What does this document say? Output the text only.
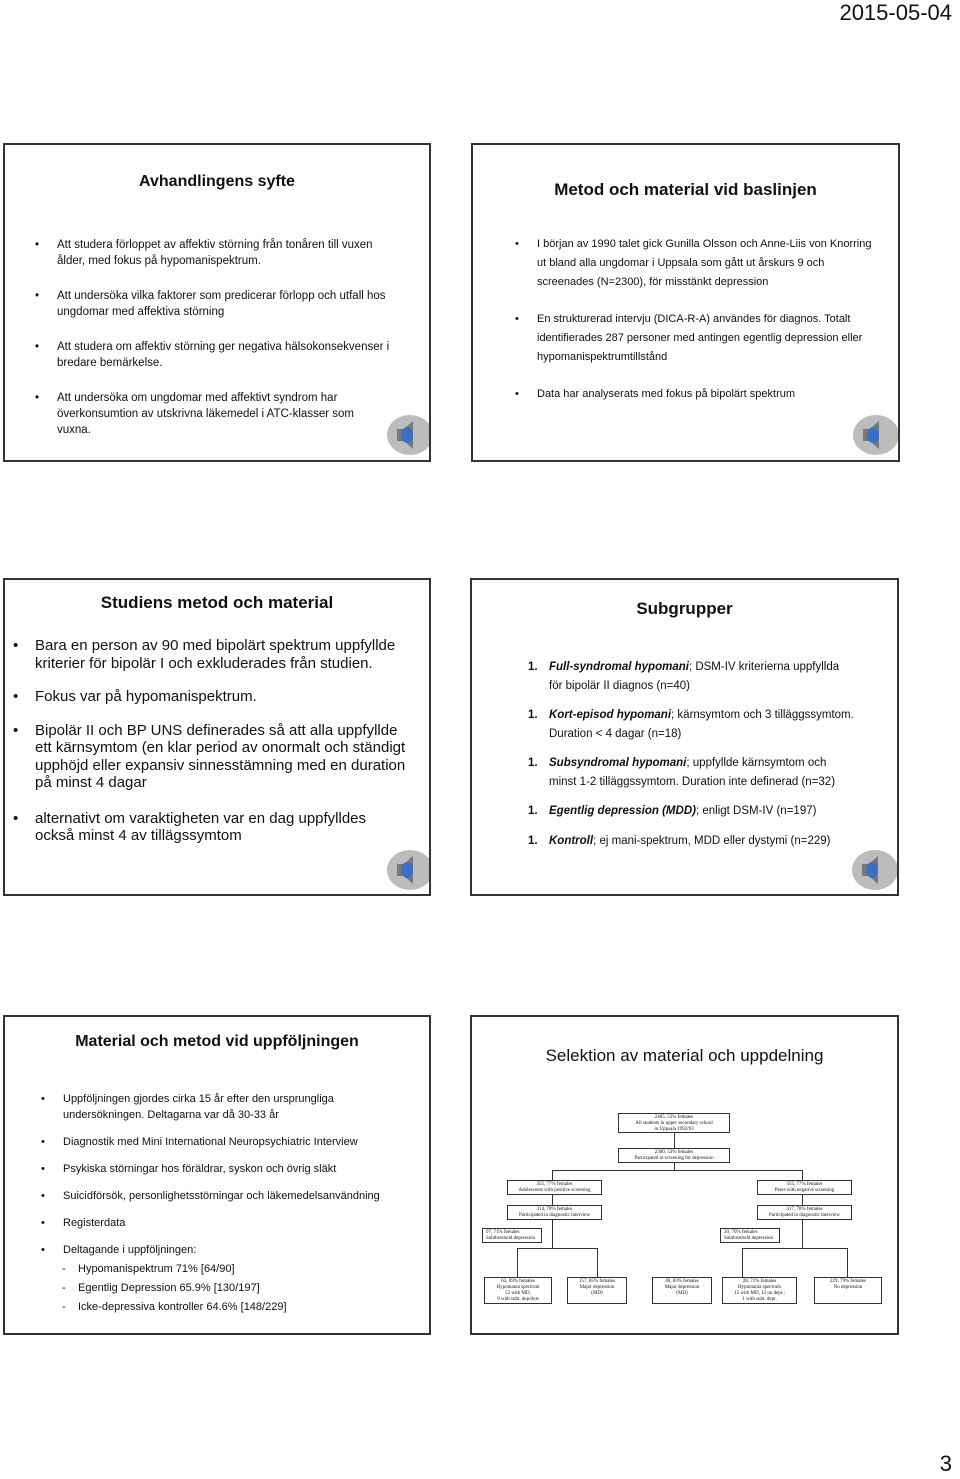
2015-05-04
Avhandlingens syfte
• Att studera förloppet av affektiv störning från tonåren till vuxen ålder, med fokus på hypomanispektrum.
• Att undersöka vilka faktorer som predicerar förlopp och utfall hos ungdomar med affektiva störning
• Att studera om affektiv störning ger negativa hälsokonsekvenser i bredare bemärkelse.
• Att undersöka om ungdomar med affektivt syndrom har överkonsumtion av utskrivna läkemedel i ATC-klasser som vuxna.
Metod och material vid baslinjen
• I början av 1990 talet gick Gunilla Olsson och Anne-Liis von Knorring ut bland alla ungdomar i Uppsala som gått ut årskurs 9 och screenades (N=2300), för misstänkt depression
• En strukturerad intervju (DICA-R-A) användes för diagnos. Totalt identifierades 287 personer med antingen egentlig depression eller hypomanispektrumtillstånd
• Data har analyserats med fokus på bipolärt spektrum
Studiens metod och material
• Bara en person av 90 med bipolärt spektrum uppfyllde kriterier för bipolär I och exkluderades från studien.
• Fokus var på hypomanispektrum.
• Bipolär II och BP UNS definerades så att alla uppfyllde ett kärnsymtom (en klar period av onormalt och ständigt upphöjd eller expansiv sinnesstämning med en duration på minst 4 dagar
• alternativt om varaktigheten var en dag uppfylldes också minst 4 av tillägssymtom
Subgrupper
1. Full-syndromal hypomani; DSM-IV kriterierna uppfyllda
för bipolär II diagnos (n=40)
1. Kort-episod hypomani; kärnsymtom och 3 tilläggssymtom.
Duration < 4 dagar (n=18)
1. Subsyndromal hypomani; uppfyllde kärnsymtom och
minst 1-2 tilläggssymtom. Duration inte definerad (n=32)
1. Egentlig depression (MDD); enligt DSM-IV (n=197)
1. Kontroll; ej mani-spektrum, MDD eller dystymi (n=229)
Material och metod vid uppföljningen
• Uppföljningen gjordes cirka 15 år efter den ursprungliga undersökningen. Deltagarna var då 30-33 år
• Diagnostik med Mini International Neuropsychiatric Interview
• Psykiska störningar hos föräldrar, syskon och övrig släkt
• Suicidförsök, personlighetsstörningar och läkemedelsanvändning
• Registerdata
• Deltagande i uppföljningen:
- Hypomanispektrum 71% [64/90]
- Egentlig Depression 65.9% [130/197]
- Icke-depressiva kontroller 64.6% [148/229]
Selektion av material och uppdelning
2465, 53% females
All students in upper secondary school
in Uppsala 1992/93
2300, 53% females
Participated in screening for depression
355, 77% females
Adolescents with positive screening
355, 77% females
Peers with negative screening
314, 78% females
Participated in diagnostic interview
317, 78% females
Participated in diagnostic interview
97, 71% females
Subthreshold depression
20, 70% females
Subthreshold depression
62, 69% females
Hypomania spectrum
53 with MD,
9 with subt. dep/dyst
157, 85% females
Major depression
(MD)
40, 83% females
Major depression
(MD)
28, 71% females
Hypomania spectrum
15 with MD, 12 no depr.;
1 with subt. depr.
229, 79% females
No depression
3
